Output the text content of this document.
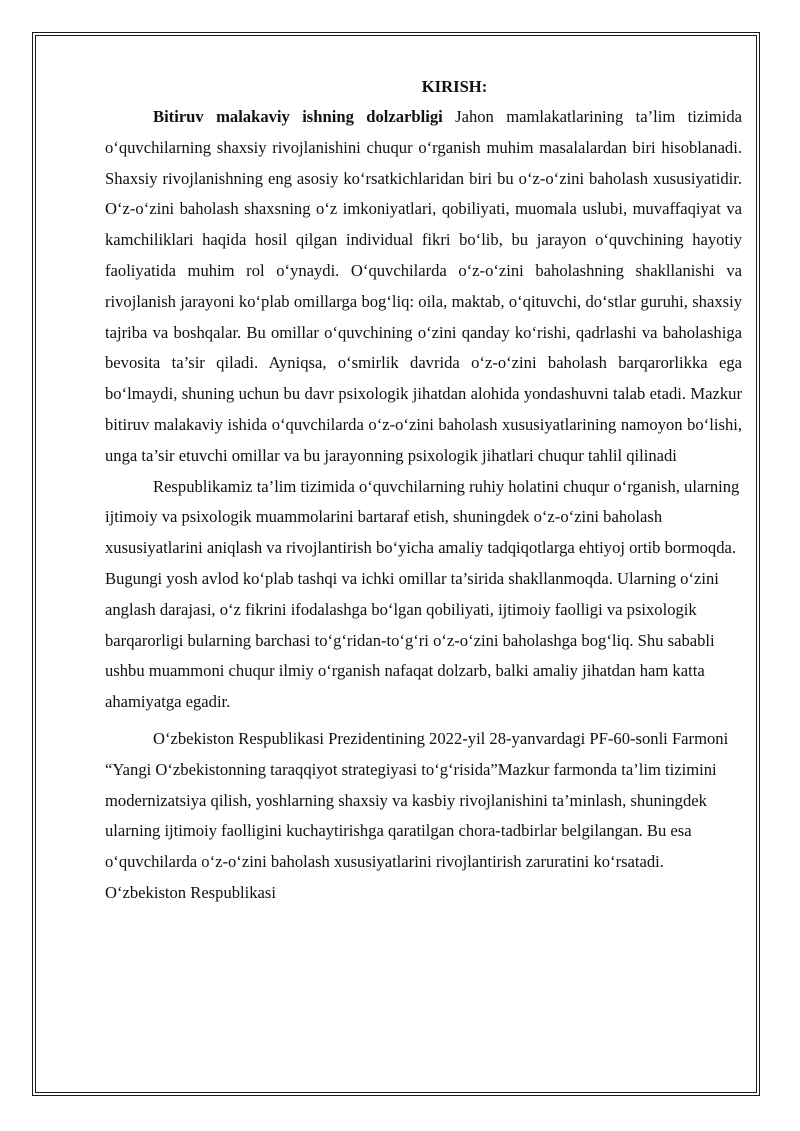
KIRISH:

Bitiruv malakaviy ishning dolzarbligi Jahon mamlakatlarining ta’lim tizimida o‘quvchilarning shaxsiy rivojlanishini chuqur o‘rganish muhim masalalardan biri hisoblanadi. Shaxsiy rivojlanishning eng asosiy ko‘rsatkichlaridan biri bu o‘z-o‘zini baholash xususiyatidir. O‘z-o‘zini baholash shaxsning o‘z imkoniyatlari, qobiliyati, muomala uslubi, muvaffaqiyat va kamchiliklari haqida hosil qilgan individual fikri bo‘lib, bu jarayon o‘quvchining hayotiy faoliyatida muhim rol o‘ynaydi. O‘quvchilarda o‘z-o‘zini baholashning shakllanishi va rivojlanish jarayoni ko‘plab omillarga bog‘liq: oila, maktab, o‘qituvchi, do‘stlar guruhi, shaxsiy tajriba va boshqalar. Bu omillar o‘quvchining o‘zini qanday ko‘rishi, qadrlashi va baholashiga bevosita ta’sir qiladi. Ayniqsa, o‘smirlik davrida o‘z-o‘zini baholash barqarorlikka ega bo‘lmaydi, shuning uchun bu davr psixologik jihatdan alohida yondashuvni talab etadi. Mazkur bitiruv malakaviy ishida o‘quvchilarda o‘z-o‘zini baholash xususiyatlarining namoyon bo‘lishi, unga ta’sir etuvchi omillar va bu jarayonning psixologik jihatlari chuqur tahlil qilinadi

Respublikamiz ta’lim tizimida o‘quvchilarning ruhiy holatini chuqur o‘rganish, ularning ijtimoiy va psixologik muammolarini bartaraf etish, shuningdek o‘z-o‘zini baholash xususiyatlarini aniqlash va rivojlantirish bo‘yicha amaliy tadqiqotlarga ehtiyoj ortib bormoqda. Bugungi yosh avlod ko‘plab tashqi va ichki omillar ta’sirida shakllanmoqda. Ularning o‘zini anglash darajasi, o‘z fikrini ifodalashga bo‘lgan qobiliyati, ijtimoiy faolligi va psixologik barqarorligi bularning barchasi to‘g‘ridan-to‘g‘ri o‘z-o‘zini baholashga bog‘liq. Shu sababli ushbu muammoni chuqur ilmiy o‘rganish nafaqat dolzarb, balki amaliy jihatdan ham katta ahamiyatga egadir.

O‘zbekiston Respublikasi Prezidentining 2022-yil 28-yanvardagi PF-60-sonli Farmoni “Yangi O‘zbekistonning taraqqiyot strategiyasi to‘g‘risida”Mazkur farmonda ta’lim tizimini modernizatsiya qilish, yoshlarning shaxsiy va kasbiy rivojlanishini ta’minlash, shuningdek ularning ijtimoiy faolligini kuchaytirishga qaratilgan chora-tadbirlar belgilangan. Bu esa o‘quvchilarda o‘z-o‘zini baholash xususiyatlarini rivojlantirish zaruratini ko‘rsatadi. O‘zbekiston Respublikasi
